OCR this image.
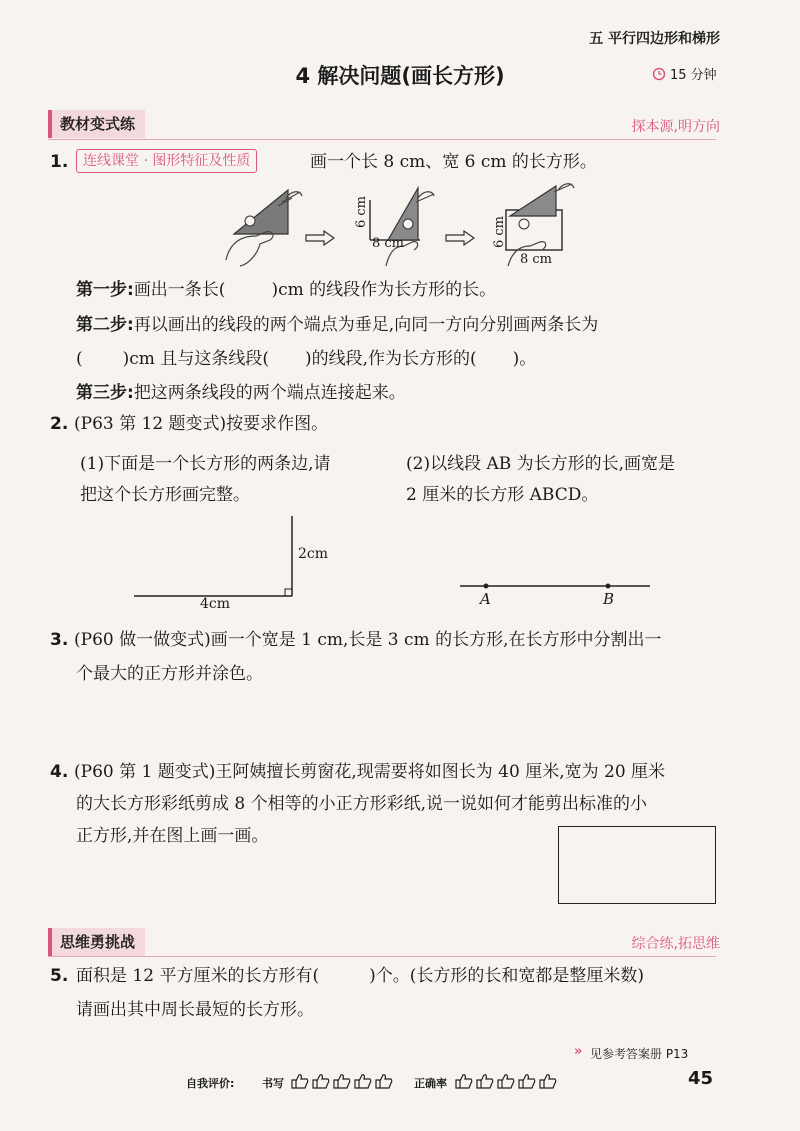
五 平行四边形和梯形
4 解决问题(画长方形)	15 分钟
教材变式练	探本源,明方向
1.	连线课堂 · 图形特征及性质	画一个长 8 cm、宽 6 cm 的长方形。
6 cm
8 cm	6 cm
8 cm
第一步:画出一条长(	)cm 的线段作为长方形的长。
第二步:再以画出的线段的两个端点为垂足,向同一方向分别画两条长为
( )cm 且与这条线段( )的线段,作为长方形的( )。
第三步:把这两条线段的两个端点连接起来。
2. (P63 第 12 题变式)按要求作图。
(1)下面是一个长方形的两条边,请
把这个长方形画完整。
(2)以线段 AB 为长方形的长,画宽是
2 厘米的长方形 ABCD。
2cm
4cm	A	B
3. (P60 做一做变式)画一个宽是 1 cm,长是 3 cm 的长方形,在长方形中分割出一
个最大的正方形并涂色。
4. (P60 第 1 题变式)王阿姨擅长剪窗花,现需要将如图长为 40 厘米,宽为 20 厘米
的大长方形彩纸剪成 8 个相等的小正方形彩纸,说一说如何才能剪出标准的小
正方形,并在图上画一画。
思维勇挑战	综合练,拓思维
5. 面积是 12 平方厘米的长方形有(	)个。(长方形的长和宽都是整厘米数)
请画出其中周长最短的长方形。
» 见参考答案册 P13
自我评价:	书写	正确率	45
